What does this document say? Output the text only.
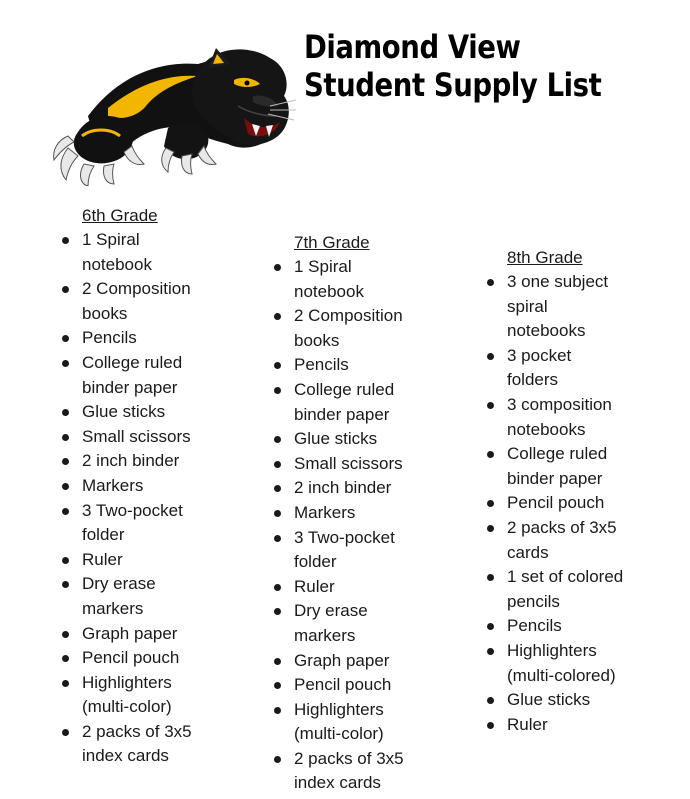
Diamond View
Student Supply List
6th Grade
1 Spiral
notebook
2 Composition
books
Pencils
College ruled
binder paper
Glue sticks
Small scissors
2 inch binder
Markers
3 Two-pocket
folder
Ruler
Dry erase
markers
Graph paper
Pencil pouch
Highlighters
(multi-color)
2 packs of 3x5
index cards
7th Grade
1 Spiral
notebook
2 Composition
books
Pencils
College ruled
binder paper
Glue sticks
Small scissors
2 inch binder
Markers
3 Two-pocket
folder
Ruler
Dry erase
markers
Graph paper
Pencil pouch
Highlighters
(multi-color)
2 packs of 3x5
index cards
8th Grade
3 one subject
spiral
notebooks
3 pocket
folders
3 composition
notebooks
College ruled
binder paper
Pencil pouch
2 packs of 3x5
cards
1 set of colored
pencils
Pencils
Highlighters
(multi-colored)
Glue sticks
Ruler
